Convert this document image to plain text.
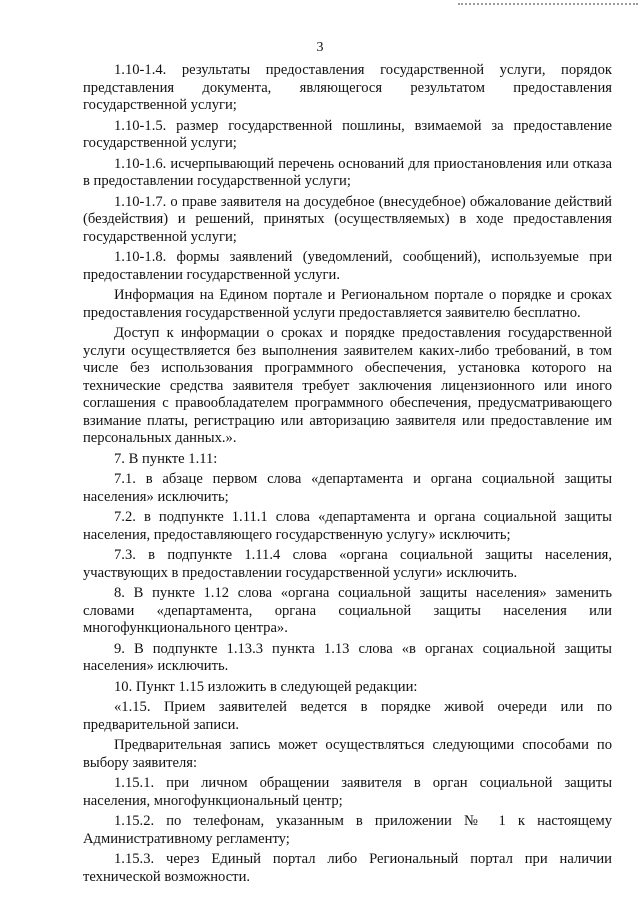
3

1.10-1.4. результаты предоставления государственной услуги, порядок представления документа, являющегося результатом предоставления государственной услуги;

1.10-1.5. размер государственной пошлины, взимаемой за предоставление государственной услуги;

1.10-1.6. исчерпывающий перечень оснований для приостановления или отказа в предоставлении государственной услуги;

1.10-1.7. о праве заявителя на досудебное (внесудебное) обжалование действий (бездействия) и решений, принятых (осуществляемых) в ходе предоставления государственной услуги;

1.10-1.8. формы заявлений (уведомлений, сообщений), используемые при предоставлении государственной услуги.

Информация на Едином портале и Региональном портале о порядке и сроках предоставления государственной услуги предоставляется заявителю бесплатно.

Доступ к информации о сроках и порядке предоставления государственной услуги осуществляется без выполнения заявителем каких-либо требований, в том числе без использования программного обеспечения, установка которого на технические средства заявителя требует заключения лицензионного или иного соглашения с правообладателем программного обеспечения, предусматривающего взимание платы, регистрацию или авторизацию заявителя или предоставление им персональных данных.».

7. В пункте 1.11:

7.1. в абзаце первом слова «департамента и органа социальной защиты населения» исключить;

7.2. в подпункте 1.11.1 слова «департамента и органа социальной защиты населения, предоставляющего государственную услугу» исключить;

7.3. в подпункте 1.11.4 слова «органа социальной защиты населения, участвующих в предоставлении государственной услуги» исключить.

8. В пункте 1.12 слова «органа социальной защиты населения» заменить словами «департамента, органа социальной защиты населения или многофункционального центра».

9. В подпункте 1.13.3 пункта 1.13 слова «в органах социальной защиты населения» исключить.

10. Пункт 1.15 изложить в следующей редакции:

«1.15. Прием заявителей ведется в порядке живой очереди или по предварительной записи.

Предварительная запись может осуществляться следующими способами по выбору заявителя:

1.15.1. при личном обращении заявителя в орган социальной защиты населения, многофункциональный центр;

1.15.2. по телефонам, указанным в приложении № 1 к настоящему Административному регламенту;

1.15.3. через Единый портал либо Региональный портал при наличии технической возможности.
